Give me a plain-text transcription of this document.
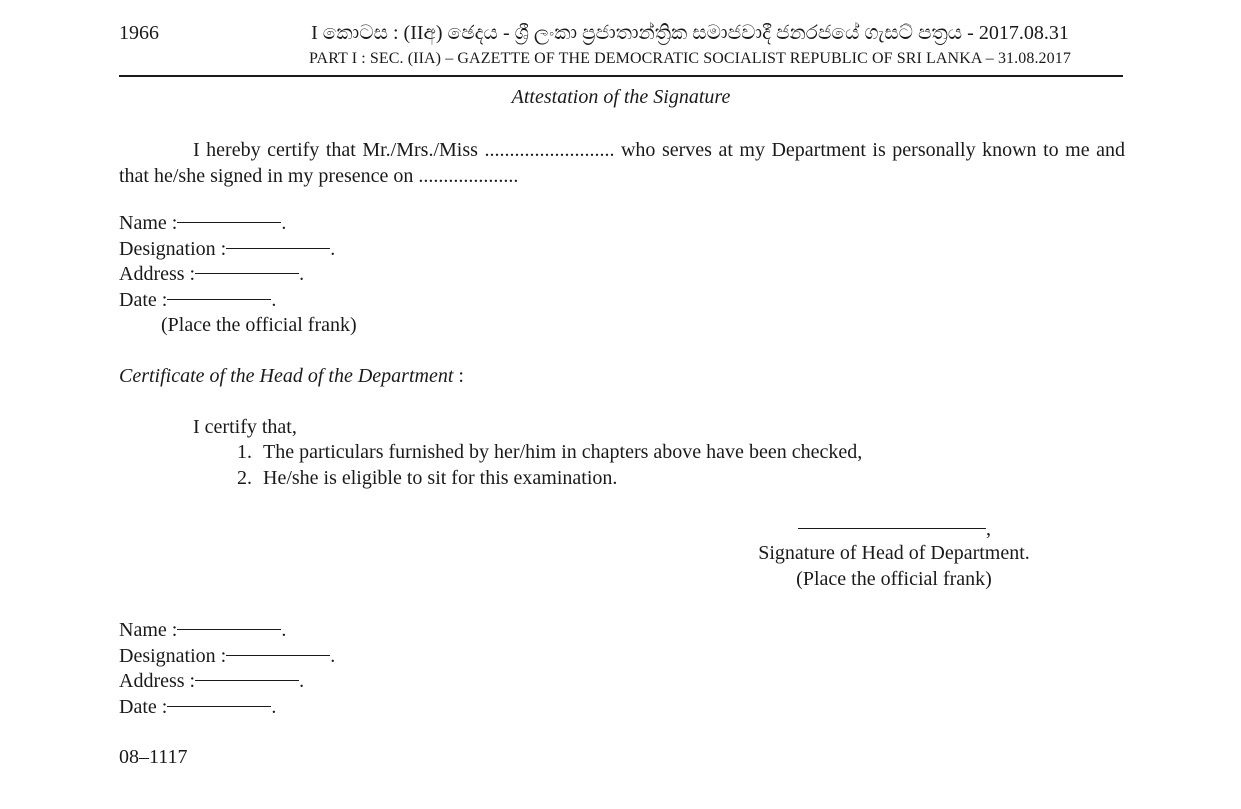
1966	I කොටස : (IIඅ) ඡෙදය - ශ්‍රී ලංකා ප්‍රජාතාන්ත්‍රික සමාජවාදී ජනරජයේ ගැසට් පත්‍රය - 2017.08.31
PART I : SEC. (IIA) – GAZETTE OF THE DEMOCRATIC SOCIALIST REPUBLIC OF SRI LANKA – 31.08.2017
Attestation of the Signature
I hereby certify that Mr./Mrs./Miss .......................... who serves at my Department is personally known to me and that he/she signed in my presence on ....................
Name :	.
Designation :	.
Address :	.
Date :	.
(Place the official frank)
Certificate of the Head of the Department :
I certify that,
1. The particulars furnished by her/him in chapters above have been checked,
2. He/she is eligible to sit for this examination.
,
Signature of Head of Department.
(Place the official frank)
Name :	.
Designation :	.
Address :	.
Date :	.
08–1117
